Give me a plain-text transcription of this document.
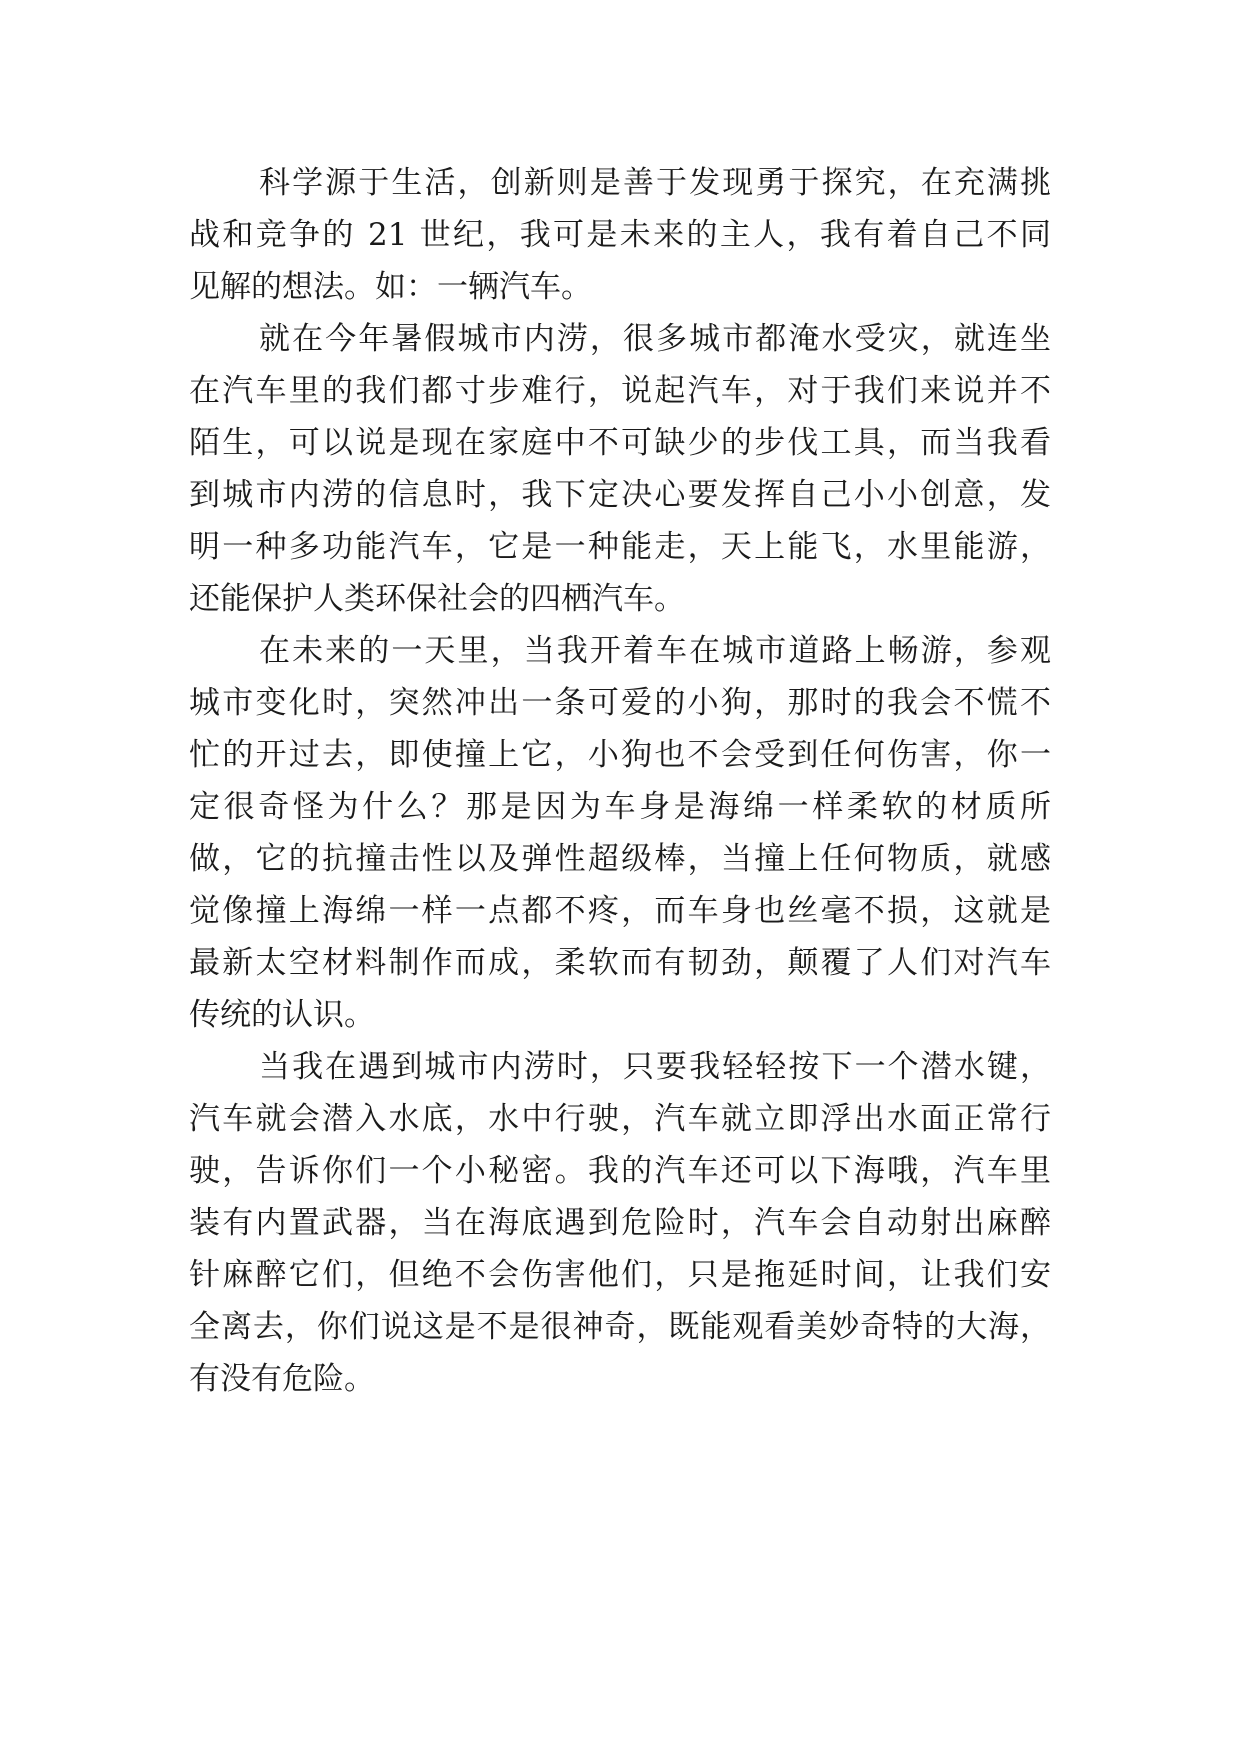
科学源于生活，创新则是善于发现勇于探究，在充满挑
战和竞争的 21 世纪，我可是未来的主人，我有着自己不同
见解的想法。如：一辆汽车。
就在今年暑假城市内涝，很多城市都淹水受灾，就连坐
在汽车里的我们都寸步难行，说起汽车，对于我们来说并不
陌生，可以说是现在家庭中不可缺少的步伐工具，而当我看
到城市内涝的信息时，我下定决心要发挥自己小小创意，发
明一种多功能汽车，它是一种能走，天上能飞，水里能游，
还能保护人类环保社会的四栖汽车。
在未来的一天里，当我开着车在城市道路上畅游，参观
城市变化时，突然冲出一条可爱的小狗，那时的我会不慌不
忙的开过去，即使撞上它，小狗也不会受到任何伤害，你一
定很奇怪为什么？那是因为车身是海绵一样柔软的材质所
做，它的抗撞击性以及弹性超级棒，当撞上任何物质，就感
觉像撞上海绵一样一点都不疼，而车身也丝毫不损，这就是
最新太空材料制作而成，柔软而有韧劲，颠覆了人们对汽车
传统的认识。
当我在遇到城市内涝时，只要我轻轻按下一个潜水键，
汽车就会潜入水底，水中行驶，汽车就立即浮出水面正常行
驶，告诉你们一个小秘密。我的汽车还可以下海哦，汽车里
装有内置武器，当在海底遇到危险时，汽车会自动射出麻醉
针麻醉它们，但绝不会伤害他们，只是拖延时间，让我们安
全离去，你们说这是不是很神奇，既能观看美妙奇特的大海，
有没有危险。
